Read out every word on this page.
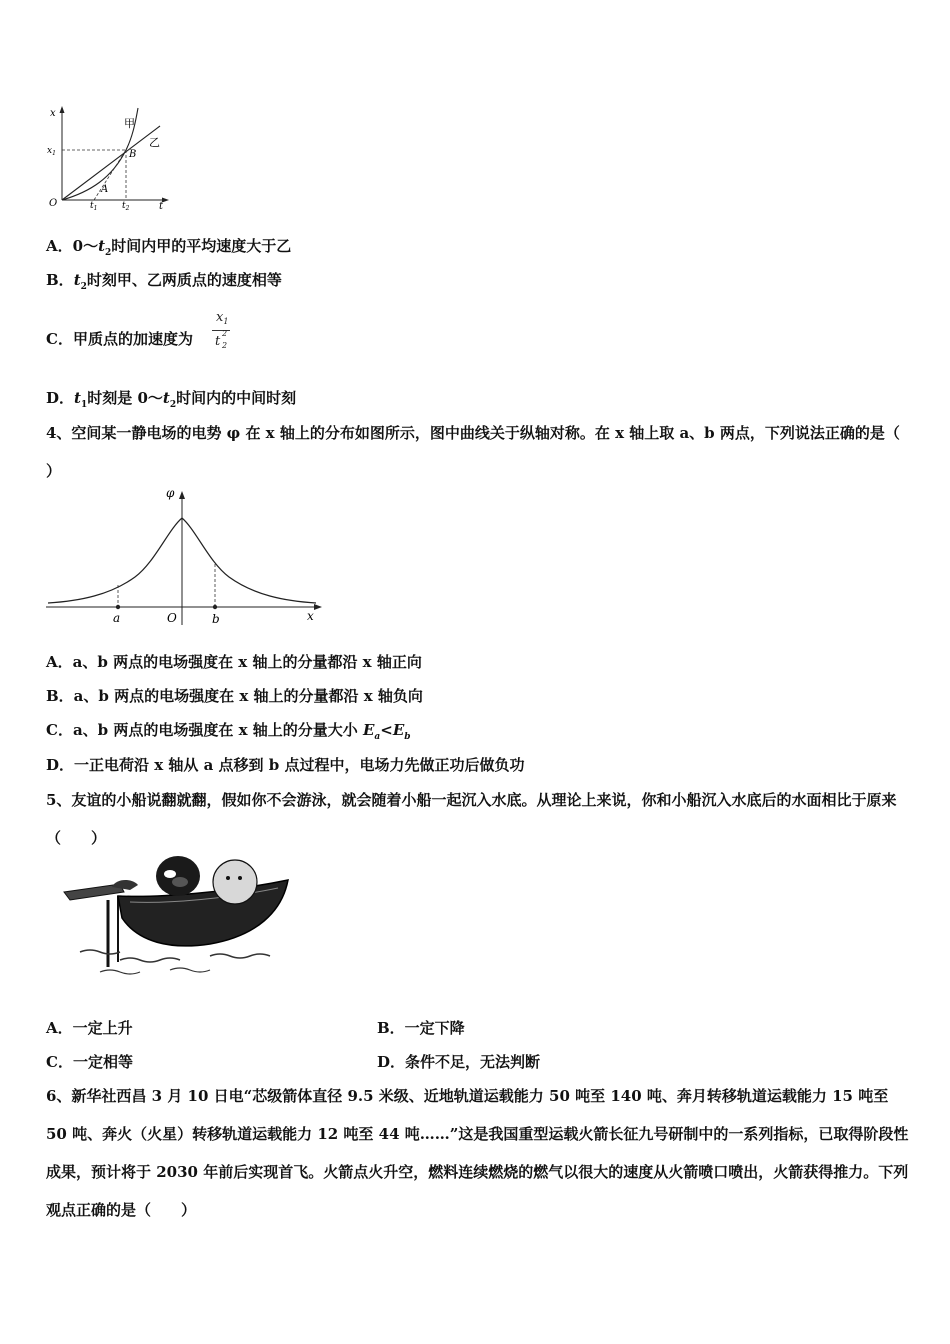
x
$x_1$
O	$t_1$	$t_2$	t
甲
乙
B
A
A．$0\sim t_2$时间内甲的平均速度大于乙
B．$t_2$时刻甲、乙两质点的速度相等
C．甲质点的加速度为
$x_1$
t
2
2
D．$t_1$时刻是 $0\sim t_2$时间内的中间时刻
4、空间某一静电场的电势 φ 在 x 轴上的分布如图所示，图中曲线关于纵轴对称。在 x 轴上取 a、b 两点，下列说法正确的是（ ）
φ
x
O
a	b
A．a、b 两点的电场强度在 x 轴上的分量都沿 x 轴正向
B．a、b 两点的电场强度在 x 轴上的分量都沿 x 轴负向
C．a、b 两点的电场强度在 x 轴上的分量大小 $E_a<E_b$
D．一正电荷沿 x 轴从 a 点移到 b 点过程中，电场力先做正功后做负功
5、友谊的小船说翻就翻，假如你不会游泳，就会随着小船一起沉入水底。从理论上来说，你和小船沉入水底后的水面相比于原来（　　）
A．一定上升	B．一定下降
C．一定相等	D．条件不足，无法判断
6、新华社西昌 3 月 10 日电“芯级箭体直径 9.5 米级、近地轨道运载能力 50 吨至 140 吨、奔月转移轨道运载能力 15 吨至 50 吨、奔火（火星）转移轨道运载能力 12 吨至 44 吨……”这是我国重型运载火箭长征九号研制中的一系列指标，已取得阶段性成果，预计将于 2030 年前后实现首飞。火箭点火升空，燃料连续燃烧的燃气以很大的速度从火箭喷口喷出，火箭获得推力。下列观点正确的是（　　）
